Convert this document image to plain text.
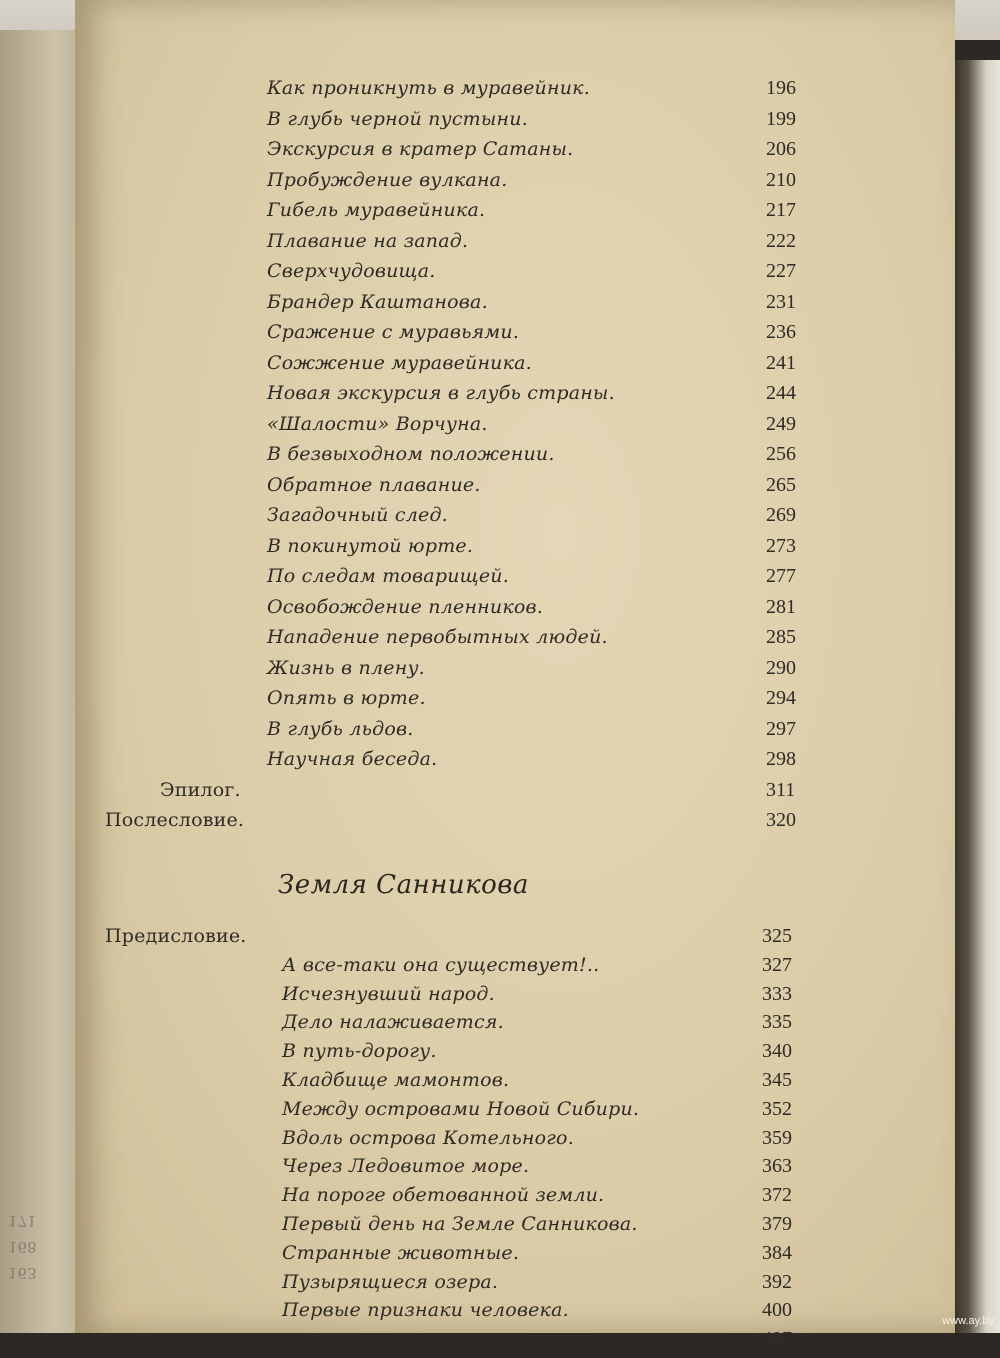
Как проникнуть в муравейник.	196
В глубь черной пустыни.	199
Экскурсия в кратер Сатаны.	206
Пробуждение вулкана.	210
Гибель муравейника.	217
Плавание на запад.	222
Сверхчудовища.	227
Брандер Каштанова.	231
Сражение с муравьями.	236
Сожжение муравейника.	241
Новая экскурсия в глубь страны.	244
«Шалости» Ворчуна.	249
В безвыходном положении.	256
Обратное плавание.	265
Загадочный след.	269
В покинутой юрте.	273
По следам товарищей.	277
Освобождение пленников.	281
Нападение первобытных людей.	285
Жизнь в плену.	290
Опять в юрте.	294
В глубь льдов.	297
Научная беседа.	298
Эпилог.	311
Послесловие.	320
Земля Санникова
Предисловие.	325
А все-таки она существует!..	327
Исчезнувший народ.	333
Дело налаживается.	335
В путь-дорогу.	340
Кладбище мамонтов.	345
Между островами Новой Сибири.	352
Вдоль острова Котельного.	359
Через Ледовитое море.	363
На пороге обетованной земли.	372
Первый день на Земле Санникова.	379
Странные животные.	384
Пузырящиеся озера.	392
Первые признаки человека.	400
407
163
168
171
www.ay.by
